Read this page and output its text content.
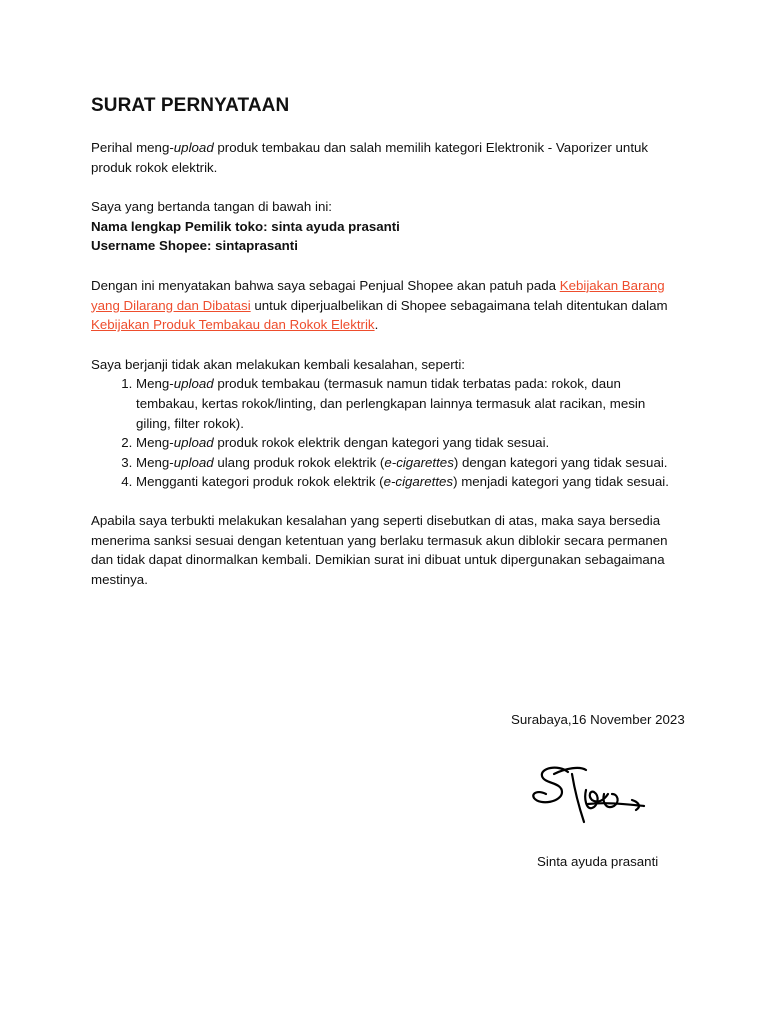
SURAT PERNYATAAN

Perihal meng-upload produk tembakau dan salah memilih kategori Elektronik - Vaporizer untuk produk rokok elektrik.

Saya yang bertanda tangan di bawah ini:

Nama lengkap Pemilik toko: sinta ayuda prasanti

Username Shopee: sintaprasanti

Dengan ini menyatakan bahwa saya sebagai Penjual Shopee akan patuh pada Kebijakan Barang yang Dilarang dan Dibatasi untuk diperjualbelikan di Shopee sebagaimana telah ditentukan dalam Kebijakan Produk Tembakau dan Rokok Elektrik.

Saya berjanji tidak akan melakukan kembali kesalahan, seperti:

1. Meng-upload produk tembakau (termasuk namun tidak terbatas pada: rokok, daun tembakau, kertas rokok/linting, dan perlengkapan lainnya termasuk alat racikan, mesin giling, filter rokok).
2. Meng-upload produk rokok elektrik dengan kategori yang tidak sesuai.
3. Meng-upload ulang produk rokok elektrik (e-cigarettes) dengan kategori yang tidak sesuai.
4. Mengganti kategori produk rokok elektrik (e-cigarettes) menjadi kategori yang tidak sesuai.

Apabila saya terbukti melakukan kesalahan yang seperti disebutkan di atas, maka saya bersedia menerima sanksi sesuai dengan ketentuan yang berlaku termasuk akun diblokir secara permanen dan tidak dapat dinormalkan kembali. Demikian surat ini dibuat untuk dipergunakan sebagaimana mestinya.

Surabaya,16 November 2023
Sinta ayuda prasanti
